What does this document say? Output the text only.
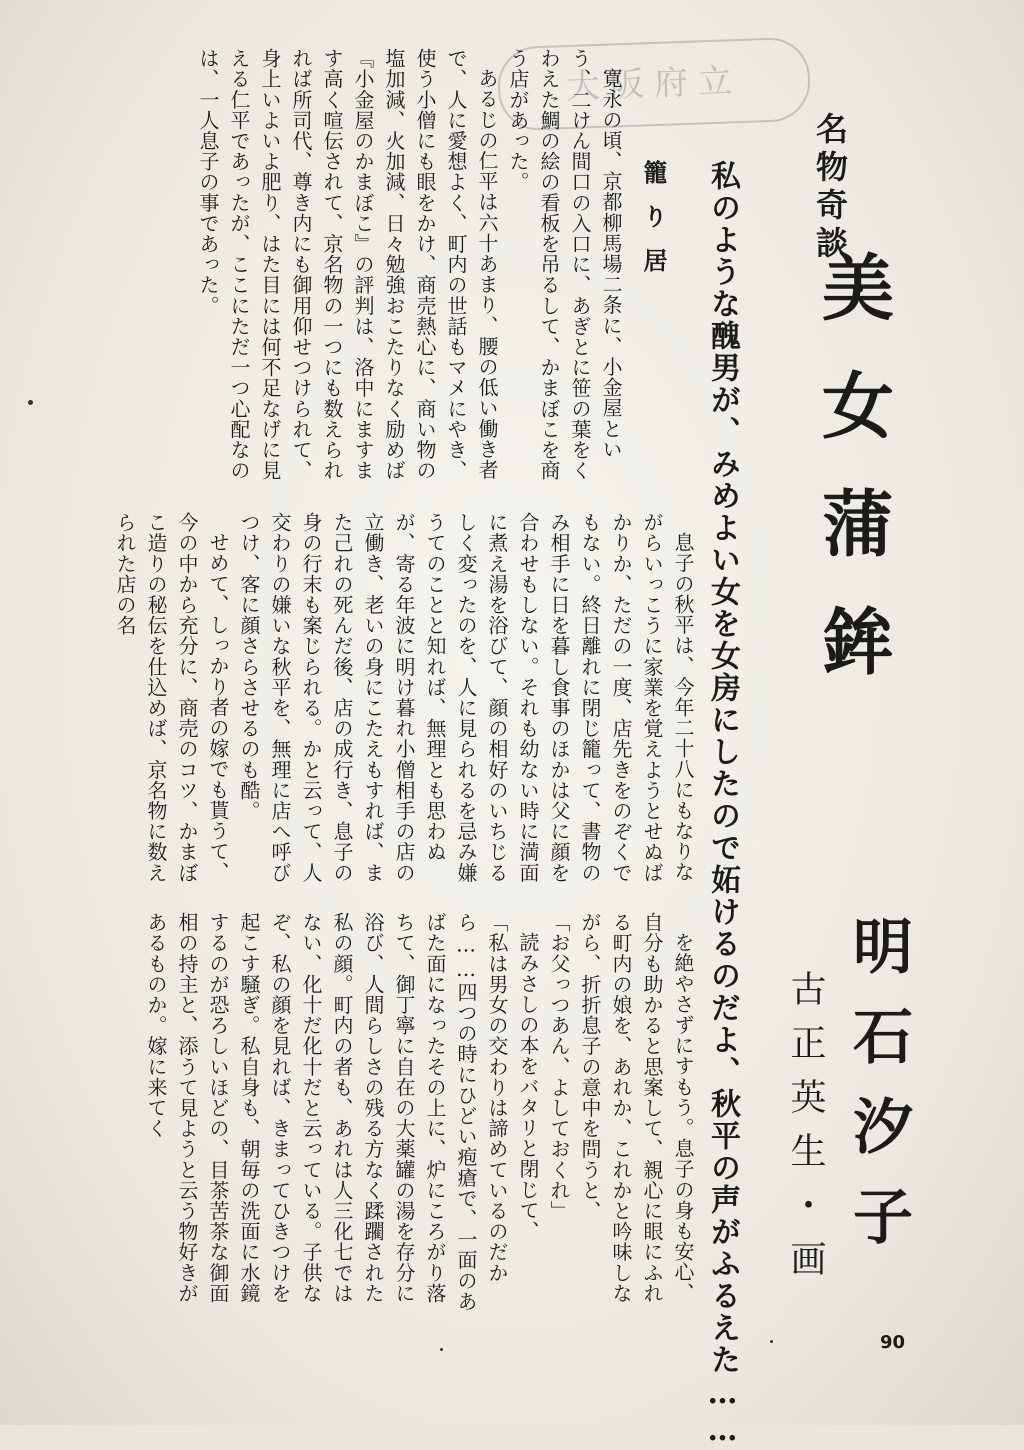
大阪府立
名物奇談
美女蒲鉾
明石汐子
古正英生・画
私のような醜男が、みめよい女を女房にしたので妬けるのだよ、秋平の声がふるえた……
籠り居

寛永の頃、京都柳馬場二条に、小金屋という、二けん間口の入口に、あぎとに笹の葉をくわえた鯛の絵の看板を吊るして、かまぼこを商う店があった。

あるじの仁平は六十あまり、腰の低い働き者で、人に愛想よく、町内の世話もマメにやき、使う小僧にも眼をかけ、商売熱心に、商い物の塩加減、火加減、日々勉強おこたりなく励めば『小金屋のかまぼこ』の評判は、洛中にますます高く喧伝されて、京名物の一つにも数えられれば所司代、尊き内にも御用仰せつけられて、身上いよいよ肥り、はた目には何不足なげに見える仁平であったが、ここにただ一つ心配なのは、一人息子の事であった。

息子の秋平は、今年二十八にもなりながらいっこうに家業を覚えようとせぬばかりか、ただの一度、店先きをのぞくでもない。終日離れに閉じ籠って、書物のみ相手に日を暮し食事のほかは父に顔を合わせもしない。それも幼ない時に満面に煮え湯を浴びて、顔の相好のいちじるしく変ったのを、人に見られるを忌み嫌うてのことと知れば、無理とも思わぬが、寄る年波に明け暮れ小僧相手の店の立働き、老いの身にこたえもすれば、また己れの死んだ後、店の成行き、息子の身の行末も案じられる。かと云って、人交わりの嫌いな秋平を、無理に店へ呼びつけ、客に顔さらさせるのも酷。

せめて、しっかり者の嫁でも貰うて、今の中から充分に、商売のコツ、かまぼこ造りの秘伝を仕込めば、京名物に数えられた店の名

を絶やさずにすもう。息子の身も安心、自分も助かると思案して、親心に眼にふれる町内の娘を、あれか、これかと吟味しながら、折折息子の意中を問うと、

「お父っつあん、よしておくれ」

読みさしの本をバタリと閉じて、

「私は男女の交わりは諦めているのだから……四つの時にひどい疱瘡で、一面のあばた面になったその上に、炉にころがり落ちて、御丁寧に自在の大薬罐の湯を存分に浴び、人間らしさの残る方なく蹂躙された私の顔。町内の者も、あれは人三化七ではない、化十だ化十だと云っている。子供なぞ、私の顔を見れば、きまってひきつけを起こす騒ぎ。私自身も、朝毎の洗面に水鏡するのが恐ろしいほどの、目茶苦茶な御面相の持主と、添うて見ようと云う物好きがあるものか。嫁に来てく

90
